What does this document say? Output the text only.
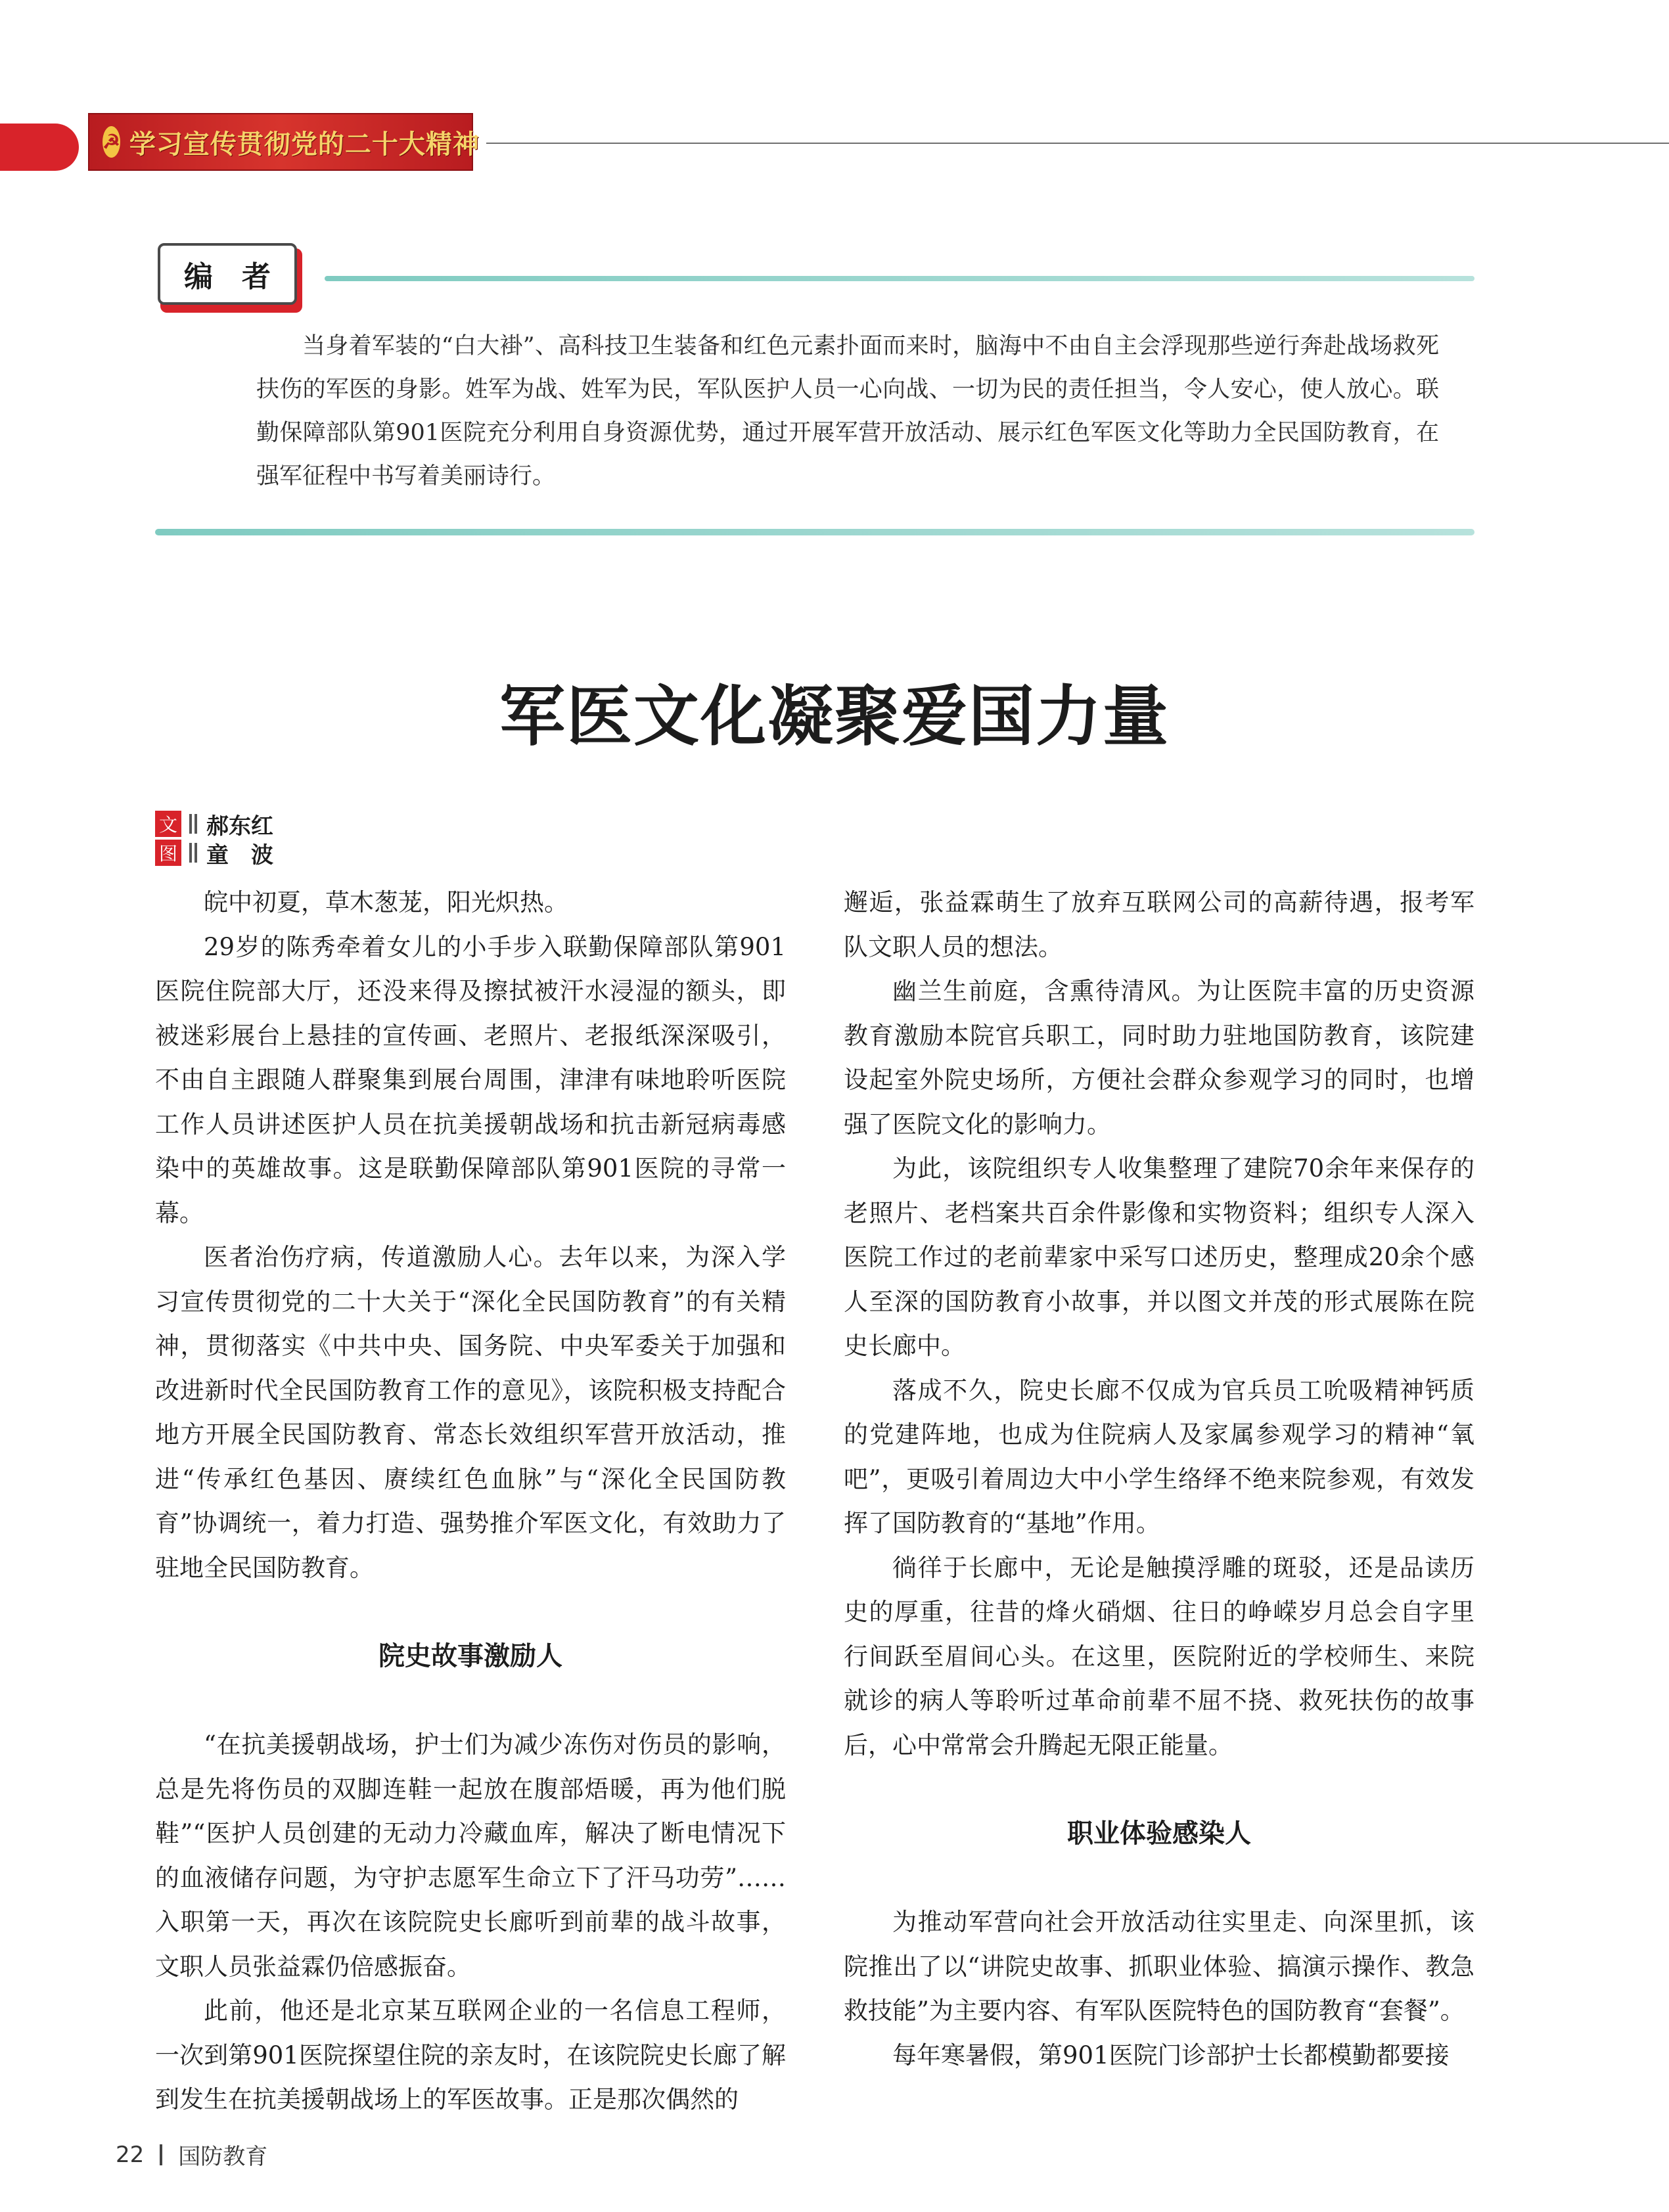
☭ 学习宣传贯彻党的二十大精神
编 者
当身着军装的“白大褂”、高科技卫生装备和红色元素扑面而来时，脑海中不由自主会浮现那些逆行奔赴战场救死扶伤的军医的身影。姓军为战、姓军为民，军队医护人员一心向战、一切为民的责任担当，令人安心，使人放心。联勤保障部队第901医院充分利用自身资源优势，通过开展军营开放活动、展示红色军医文化等助力全民国防教育，在强军征程中书写着美丽诗行。
军医文化凝聚爱国力量
文 郝东红
图 童　波

皖中初夏，草木葱茏，阳光炽热。

29岁的陈秀牵着女儿的小手步入联勤保障部队第901医院住院部大厅，还没来得及擦拭被汗水浸湿的额头，即被迷彩展台上悬挂的宣传画、老照片、老报纸深深吸引，不由自主跟随人群聚集到展台周围，津津有味地聆听医院工作人员讲述医护人员在抗美援朝战场和抗击新冠病毒感染中的英雄故事。这是联勤保障部队第901医院的寻常一幕。

医者治伤疗病，传道激励人心。去年以来，为深入学习宣传贯彻党的二十大关于“深化全民国防教育”的有关精神，贯彻落实《中共中央、国务院、中央军委关于加强和改进新时代全民国防教育工作的意见》，该院积极支持配合地方开展全民国防教育、常态长效组织军营开放活动，推进“传承红色基因、赓续红色血脉”与“深化全民国防教育”协调统一，着力打造、强势推介军医文化，有效助力了驻地全民国防教育。

院史故事激励人

“在抗美援朝战场，护士们为减少冻伤对伤员的影响，总是先将伤员的双脚连鞋一起放在腹部焐暖，再为他们脱鞋”“医护人员创建的无动力冷藏血库，解决了断电情况下的血液储存问题，为守护志愿军生命立下了汗马功劳”……入职第一天，再次在该院院史长廊听到前辈的战斗故事，文职人员张益霖仍倍感振奋。

此前，他还是北京某互联网企业的一名信息工程师，一次到第901医院探望住院的亲友时，在该院院史长廊了解到发生在抗美援朝战场上的军医故事。正是那次偶然的

邂逅，张益霖萌生了放弃互联网公司的高薪待遇，报考军队文职人员的想法。

幽兰生前庭，含熏待清风。为让医院丰富的历史资源教育激励本院官兵职工，同时助力驻地国防教育，该院建设起室外院史场所，方便社会群众参观学习的同时，也增强了医院文化的影响力。

为此，该院组织专人收集整理了建院70余年来保存的老照片、老档案共百余件影像和实物资料；组织专人深入医院工作过的老前辈家中采写口述历史，整理成20余个感人至深的国防教育小故事，并以图文并茂的形式展陈在院史长廊中。

落成不久，院史长廊不仅成为官兵员工吮吸精神钙质的党建阵地，也成为住院病人及家属参观学习的精神“氧吧”，更吸引着周边大中小学生络绎不绝来院参观，有效发挥了国防教育的“基地”作用。

徜徉于长廊中，无论是触摸浮雕的斑驳，还是品读历史的厚重，往昔的烽火硝烟、往日的峥嵘岁月总会自字里行间跃至眉间心头。在这里，医院附近的学校师生、来院就诊的病人等聆听过革命前辈不屈不挠、救死扶伤的故事后，心中常常会升腾起无限正能量。

职业体验感染人

为推动军营向社会开放活动往实里走、向深里抓，该院推出了以“讲院史故事、抓职业体验、搞演示操作、教急救技能”为主要内容、有军队医院特色的国防教育“套餐”。

每年寒暑假，第901医院门诊部护士长都模勤都要接

22 国防教育
